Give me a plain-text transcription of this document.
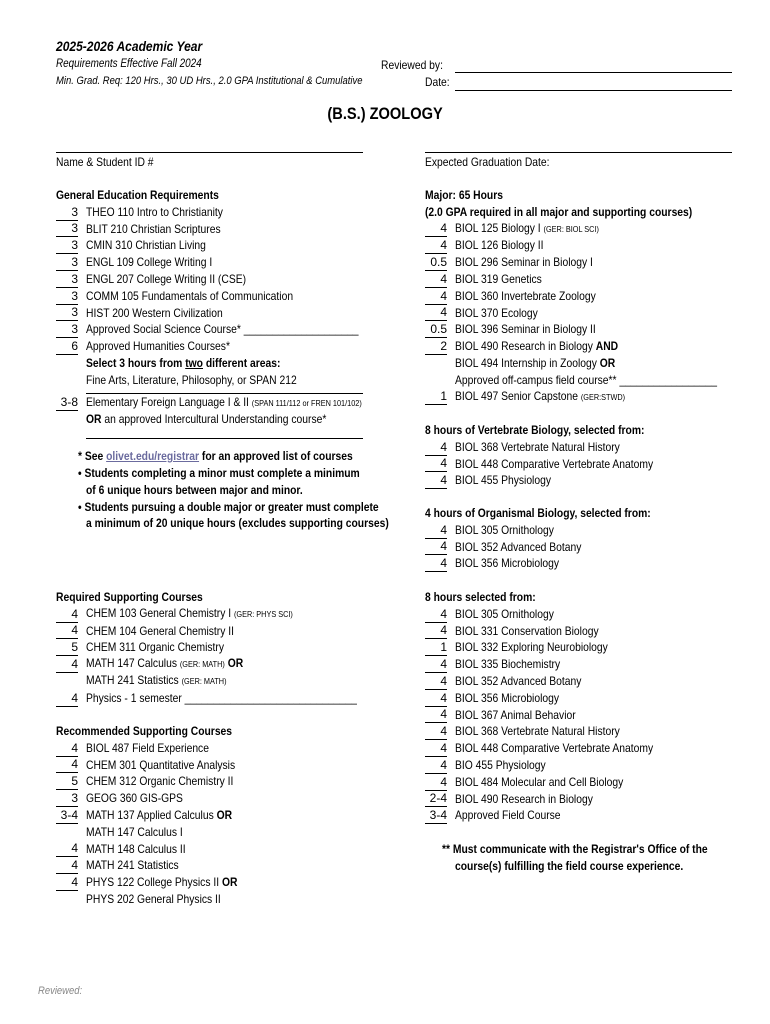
2025-2026 Academic Year
Requirements Effective Fall 2024
Min. Grad. Req: 120 Hrs., 30 UD Hrs., 2.0 GPA Institutional & Cumulative
Reviewed by:
Date:
(B.S.) ZOOLOGY
Name & Student ID #	Expected Graduation Date:
General Education Requirements
3 THEO 110 Intro to Christianity
3 BLIT 210 Christian Scriptures
3 CMIN 310 Christian Living
3 ENGL 109 College Writing I
3 ENGL 207 College Writing II (CSE)
3 COMM 105 Fundamentals of Communication
3 HIST 200 Western Civilization
3 Approved Social Science Course* ____________________
6 Approved Humanities Courses*
Select 3 hours from two different areas:
Fine Arts, Literature, Philosophy, or SPAN 212
3-8 Elementary Foreign Language I & II (SPAN 111/112 or FREN 101/102)
OR an approved Intercultural Understanding course*
* See olivet.edu/registrar for an approved list of courses
• Students completing a minor must complete a minimum
of 6 unique hours between major and minor.
• Students pursuing a double major or greater must complete
a minimum of 20 unique hours (excludes supporting courses)
Required Supporting Courses
4 CHEM 103 General Chemistry I (GER: PHYS SCI)
4 CHEM 104 General Chemistry II
5 CHEM 311 Organic Chemistry
4 MATH 147 Calculus (GER: MATH) OR
MATH 241 Statistics (GER: MATH)
4 Physics - 1 semester ______________________________
Recommended Supporting Courses
4 BIOL 487 Field Experience
4 CHEM 301 Quantitative Analysis
5 CHEM 312 Organic Chemistry II
3 GEOG 360 GIS-GPS
3-4 MATH 137 Applied Calculus OR
MATH 147 Calculus I
4 MATH 148 Calculus II
4 MATH 241 Statistics
4 PHYS 122 College Physics II OR
PHYS 202 General Physics II
Major: 65 Hours
(2.0 GPA required in all major and supporting courses)
4 BIOL 125 Biology I (GER: BIOL SCI)
4 BIOL 126 Biology II
0.5 BIOL 296 Seminar in Biology I
4 BIOL 319 Genetics
4 BIOL 360 Invertebrate Zoology
4 BIOL 370 Ecology
0.5 BIOL 396 Seminar in Biology II
2 BIOL 490 Research in Biology AND
BIOL 494 Internship in Zoology OR
Approved off-campus field course** _________________
1 BIOL 497 Senior Capstone (GER:STWD)
8 hours of Vertebrate Biology, selected from:
4 BIOL 368 Vertebrate Natural History
4 BIOL 448 Comparative Vertebrate Anatomy
4 BIOL 455 Physiology
4 hours of Organismal Biology, selected from:
4 BIOL 305 Ornithology
4 BIOL 352 Advanced Botany
4 BIOL 356 Microbiology
8 hours selected from:
4 BIOL 305 Ornithology
4 BIOL 331 Conservation Biology
1 BIOL 332 Exploring Neurobiology
4 BIOL 335 Biochemistry
4 BIOL 352 Advanced Botany
4 BIOL 356 Microbiology
4 BIOL 367 Animal Behavior
4 BIOL 368 Vertebrate Natural History
4 BIOL 448 Comparative Vertebrate Anatomy
4 BIO 455 Physiology
4 BIOL 484 Molecular and Cell Biology
2-4 BIOL 490 Research in Biology
3-4 Approved Field Course
** Must communicate with the Registrar's Office of the
course(s) fulfilling the field course experience.
Reviewed:
